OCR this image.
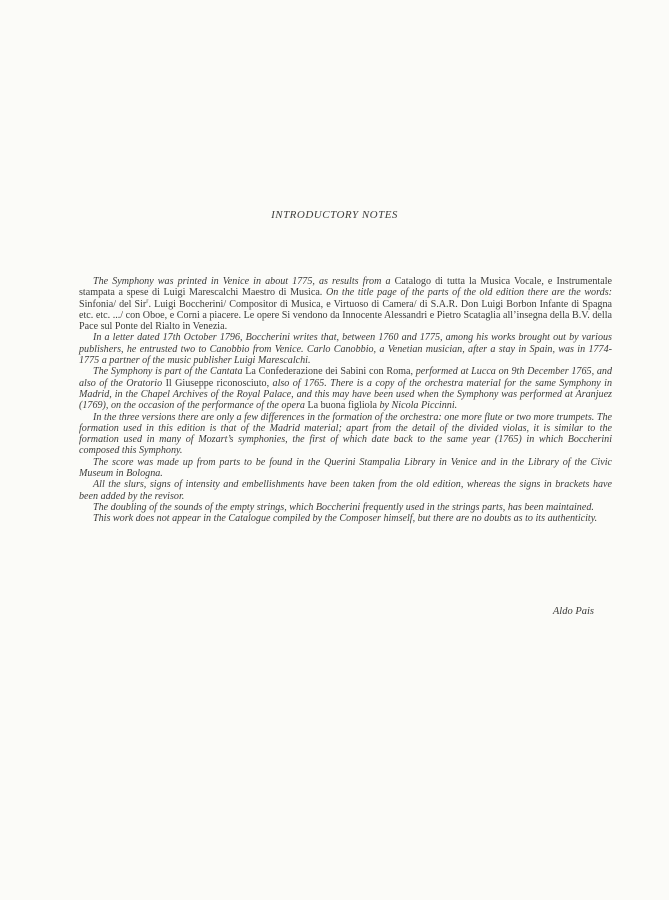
INTRODUCTORY NOTES

The Symphony was printed in Venice in about 1775, as results from a Catalogo di tutta la Musica Vocale, e Instrumentale stampata a spese di Luigi Marescalchi Maestro di Musica. On the title page of the parts of the old edition there are the words: Sinfonia/ del Sir$^r$. Luigi Boccherini/ Compositor di Musica, e Virtuoso di Camera/ di S.A.R. Don Luigi Borbon Infante di Spagna etc. etc. .../ con Oboe, e Corni a piacere. Le opere Si vendono da Innocente Alessandri e Pietro Scataglia all’insegna della B.V. della Pace sul Ponte del Rialto in Venezia.

In a letter dated 17th October 1796, Boccherini writes that, between 1760 and 1775, among his works brought out by various publishers, he entrusted two to Canobbio from Venice. Carlo Canobbio, a Venetian musician, after a stay in Spain, was in 1774-1775 a partner of the music publisher Luigi Marescalchi.

The Symphony is part of the Cantata La Confederazione dei Sabini con Roma, performed at Lucca on 9th December 1765, and also of the Oratorio Il Giuseppe riconosciuto, also of 1765. There is a copy of the orchestra material for the same Symphony in Madrid, in the Chapel Archives of the Royal Palace, and this may have been used when the Symphony was performed at Aranjuez (1769), on the occasion of the performance of the opera La buona figliola by Nicola Piccinni.

In the three versions there are only a few differences in the formation of the orchestra: one more flute or two more trumpets. The formation used in this edition is that of the Madrid material; apart from the detail of the divided violas, it is similar to the formation used in many of Mozart’s symphonies, the first of which date back to the same year (1765) in which Boccherini composed this Symphony.

The score was made up from parts to be found in the Querini Stampalia Library in Venice and in the Library of the Civic Museum in Bologna.

All the slurs, signs of intensity and embellishments have been taken from the old edition, whereas the signs in brackets have been added by the revisor.

The doubling of the sounds of the empty strings, which Boccherini frequently used in the strings parts, has been maintained.

This work does not appear in the Catalogue compiled by the Composer himself, but there are no doubts as to its authenticity.

Aldo Pais
